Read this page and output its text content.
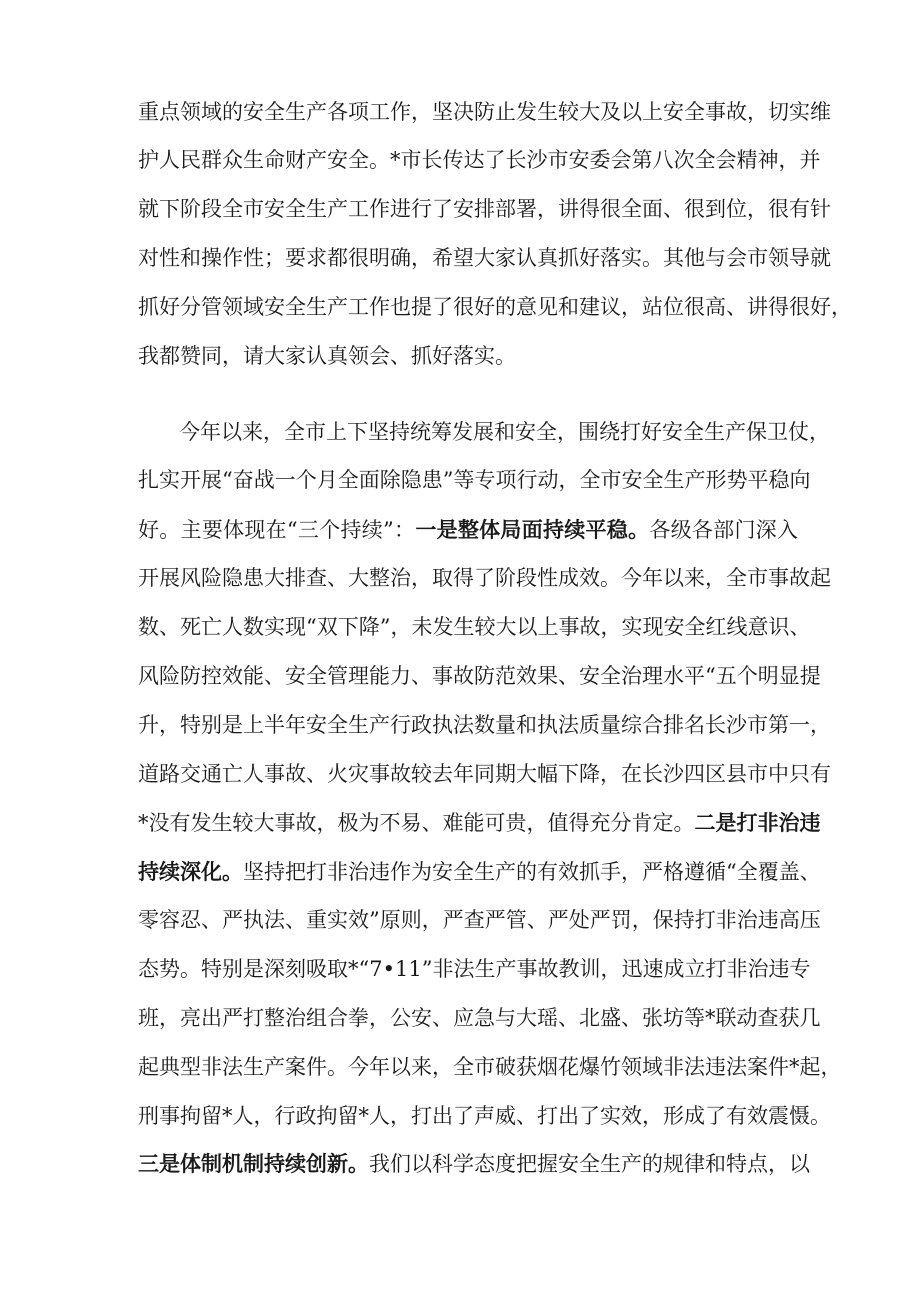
重点领域的安全生产各项工作，坚决防止发生较大及以上安全事故，切实维
护人民群众生命财产安全。*市长传达了长沙市安委会第八次全会精神，并
就下阶段全市安全生产工作进行了安排部署，讲得很全面、很到位，很有针
对性和操作性；要求都很明确，希望大家认真抓好落实。其他与会市领导就
抓好分管领域安全生产工作也提了很好的意见和建议，站位很高、讲得很好，
我都赞同，请大家认真领会、抓好落实。
今年以来，全市上下坚持统筹发展和安全，围绕打好安全生产保卫仗，
扎实开展“奋战一个月全面除隐患”等专项行动，全市安全生产形势平稳向
好。主要体现在“三个持续”：一是整体局面持续平稳。各级各部门深入
开展风险隐患大排查、大整治，取得了阶段性成效。今年以来，全市事故起
数、死亡人数实现“双下降”，未发生较大以上事故，实现安全红线意识、
风险防控效能、安全管理能力、事故防范效果、安全治理水平“五个明显提
升，特别是上半年安全生产行政执法数量和执法质量综合排名长沙市第一，
道路交通亡人事故、火灾事故较去年同期大幅下降，在长沙四区县市中只有
*没有发生较大事故，极为不易、难能可贵，值得充分肯定。二是打非治违
持续深化。坚持把打非治违作为安全生产的有效抓手，严格遵循“全覆盖、
零容忍、严执法、重实效”原则，严查严管、严处严罚，保持打非治违高压
态势。特别是深刻吸取*“7•11”非法生产事故教训，迅速成立打非治违专
班，亮出严打整治组合拳，公安、应急与大瑶、北盛、张坊等*联动查获几
起典型非法生产案件。今年以来，全市破获烟花爆竹领域非法违法案件*起，
刑事拘留*人，行政拘留*人，打出了声威、打出了实效，形成了有效震慑。
三是体制机制持续创新。我们以科学态度把握安全生产的规律和特点，以
